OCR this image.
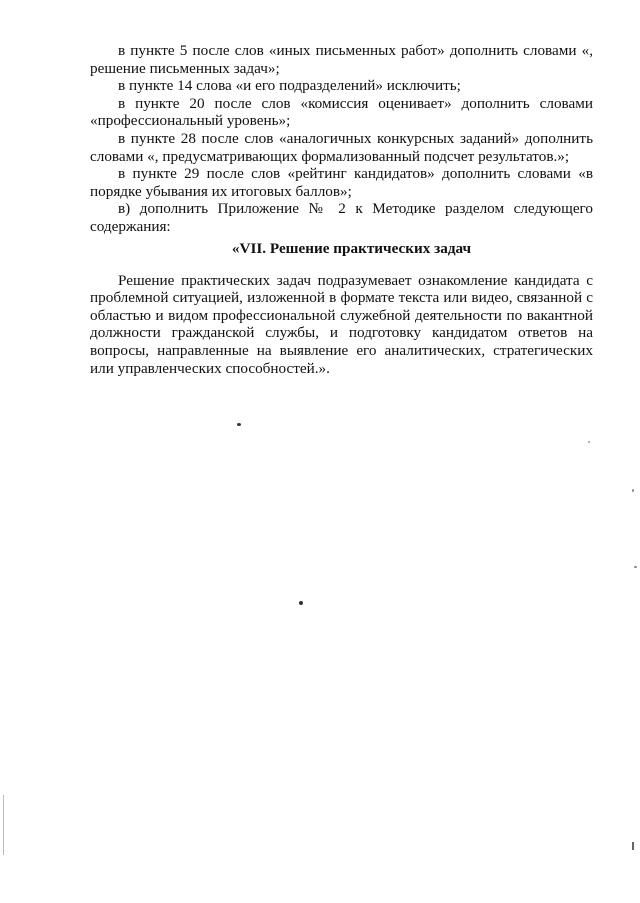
в пункте 5 после слов «иных письменных работ» дополнить словами «, решение письменных задач»;

в пункте 14 слова «и его подразделений» исключить;

в пункте 20 после слов «комиссия оценивает» дополнить словами «профессиональный уровень»;

в пункте 28 после слов «аналогичных конкурсных заданий» дополнить словами «, предусматривающих формализованный подсчет результатов.»;

в пункте 29 после слов «рейтинг кандидатов» дополнить словами «в порядке убывания их итоговых баллов»;

в) дополнить Приложение № 2 к Методике разделом следующего содержания:

«VII. Решение практических задач

Решение практических задач подразумевает ознакомление кандидата с проблемной ситуацией, изложенной в формате текста или видео, связанной с областью и видом профессиональной служебной деятельности по вакантной должности гражданской службы, и подготовку кандидатом ответов на вопросы, направленные на выявление его аналитических, стратегических или управленческих способностей.».
